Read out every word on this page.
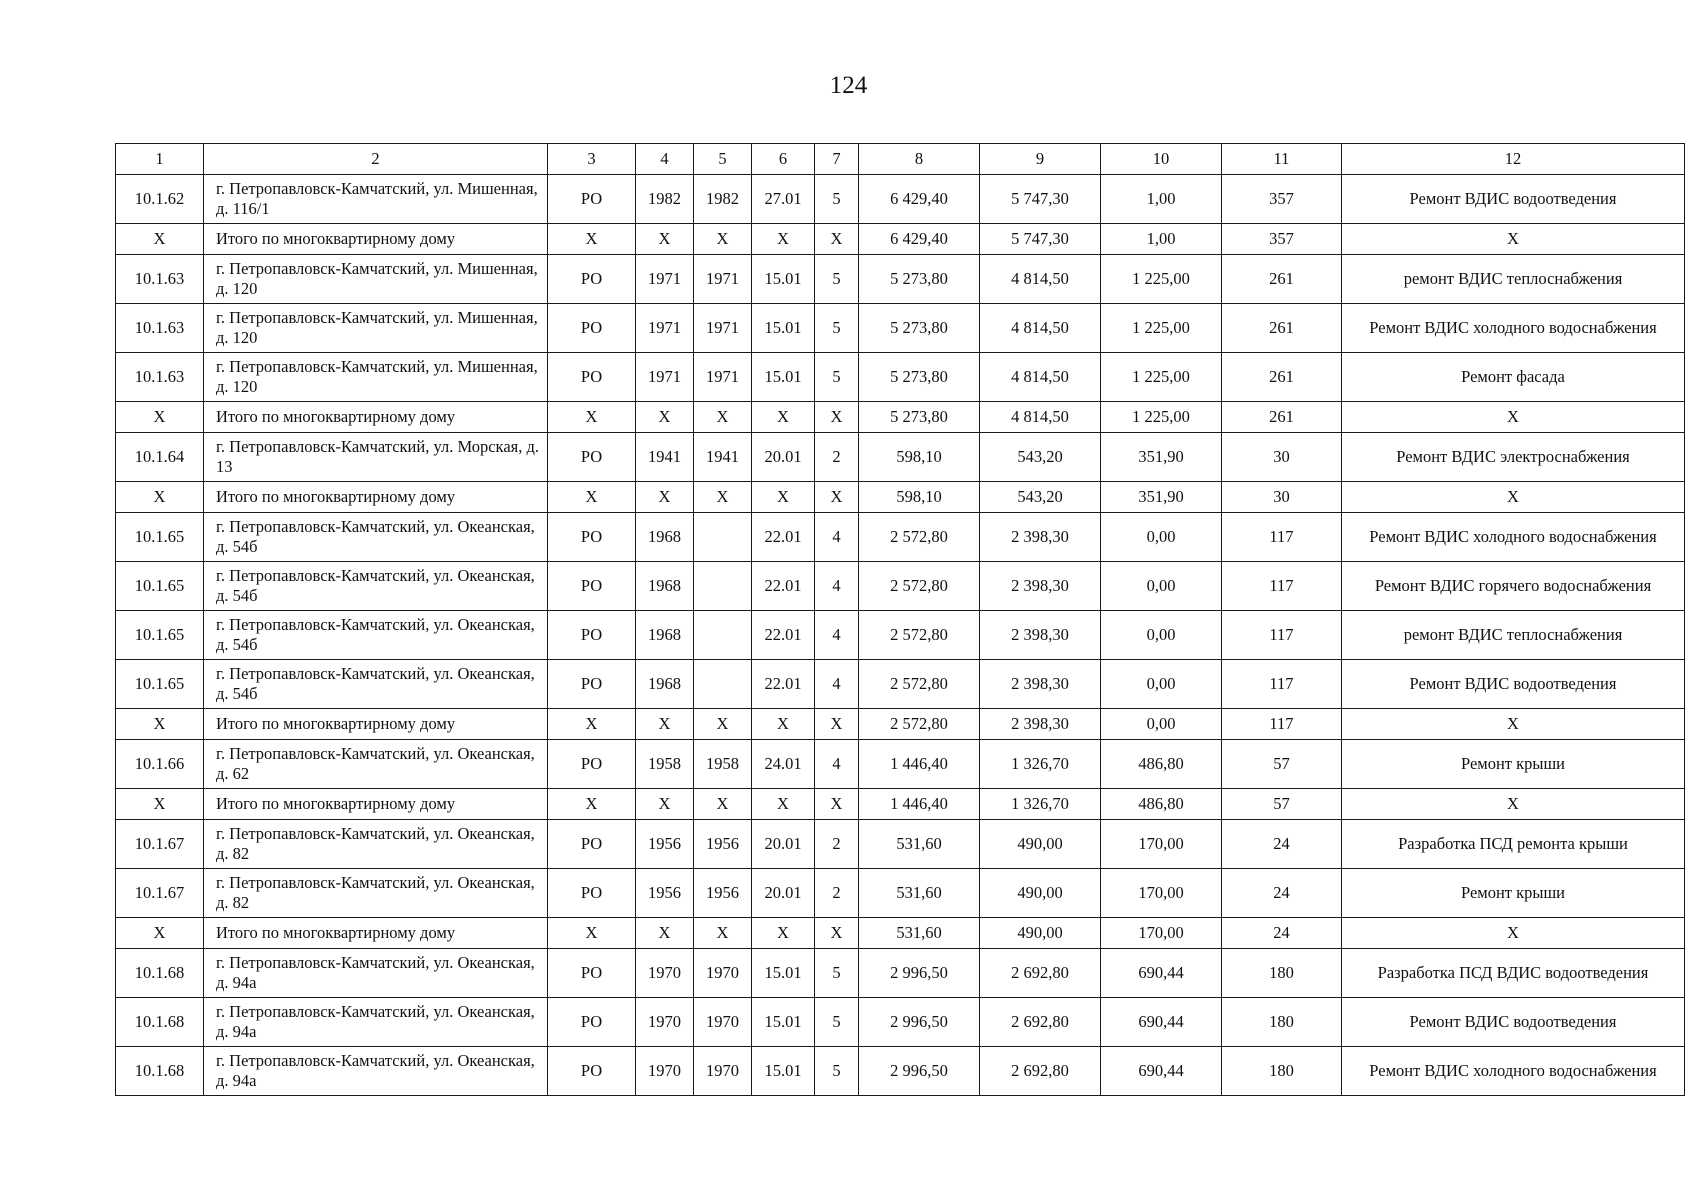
124
1	2	3	4	5	6	7	8	9	10	11	12
10.1.62	г. Петропавловск-Камчатский, ул. Мишенная, д. 116/1	РО	1982	1982	27.01	5	6 429,40	5 747,30	1,00	357	Ремонт ВДИС водоотведения
X	Итого по многоквартирному дому	X	X	X	X	X	6 429,40	5 747,30	1,00	357	X
10.1.63	г. Петропавловск-Камчатский, ул. Мишенная, д. 120	РО	1971	1971	15.01	5	5 273,80	4 814,50	1 225,00	261	ремонт ВДИС теплоснабжения
10.1.63	г. Петропавловск-Камчатский, ул. Мишенная, д. 120	РО	1971	1971	15.01	5	5 273,80	4 814,50	1 225,00	261	Ремонт ВДИС холодного водоснабжения
10.1.63	г. Петропавловск-Камчатский, ул. Мишенная, д. 120	РО	1971	1971	15.01	5	5 273,80	4 814,50	1 225,00	261	Ремонт фасада
X	Итого по многоквартирному дому	X	X	X	X	X	5 273,80	4 814,50	1 225,00	261	X
10.1.64	г. Петропавловск-Камчатский, ул. Морская, д. 13	РО	1941	1941	20.01	2	598,10	543,20	351,90	30	Ремонт ВДИС электроснабжения
X	Итого по многоквартирному дому	X	X	X	X	X	598,10	543,20	351,90	30	X
10.1.65	г. Петропавловск-Камчатский, ул. Океанская, д. 54б	РО	1968		22.01	4	2 572,80	2 398,30	0,00	117	Ремонт ВДИС холодного водоснабжения
10.1.65	г. Петропавловск-Камчатский, ул. Океанская, д. 54б	РО	1968		22.01	4	2 572,80	2 398,30	0,00	117	Ремонт ВДИС горячего водоснабжения
10.1.65	г. Петропавловск-Камчатский, ул. Океанская, д. 54б	РО	1968		22.01	4	2 572,80	2 398,30	0,00	117	ремонт ВДИС теплоснабжения
10.1.65	г. Петропавловск-Камчатский, ул. Океанская, д. 54б	РО	1968		22.01	4	2 572,80	2 398,30	0,00	117	Ремонт ВДИС водоотведения
X	Итого по многоквартирному дому	X	X	X	X	X	2 572,80	2 398,30	0,00	117	X
10.1.66	г. Петропавловск-Камчатский, ул. Океанская, д. 62	РО	1958	1958	24.01	4	1 446,40	1 326,70	486,80	57	Ремонт крыши
X	Итого по многоквартирному дому	X	X	X	X	X	1 446,40	1 326,70	486,80	57	X
10.1.67	г. Петропавловск-Камчатский, ул. Океанская, д. 82	РО	1956	1956	20.01	2	531,60	490,00	170,00	24	Разработка ПСД ремонта крыши
10.1.67	г. Петропавловск-Камчатский, ул. Океанская, д. 82	РО	1956	1956	20.01	2	531,60	490,00	170,00	24	Ремонт крыши
X	Итого по многоквартирному дому	X	X	X	X	X	531,60	490,00	170,00	24	X
10.1.68	г. Петропавловск-Камчатский, ул. Океанская, д. 94а	РО	1970	1970	15.01	5	2 996,50	2 692,80	690,44	180	Разработка ПСД ВДИС водоотведения
10.1.68	г. Петропавловск-Камчатский, ул. Океанская, д. 94а	РО	1970	1970	15.01	5	2 996,50	2 692,80	690,44	180	Ремонт ВДИС водоотведения
10.1.68	г. Петропавловск-Камчатский, ул. Океанская, д. 94а	РО	1970	1970	15.01	5	2 996,50	2 692,80	690,44	180	Ремонт ВДИС холодного водоснабжения
